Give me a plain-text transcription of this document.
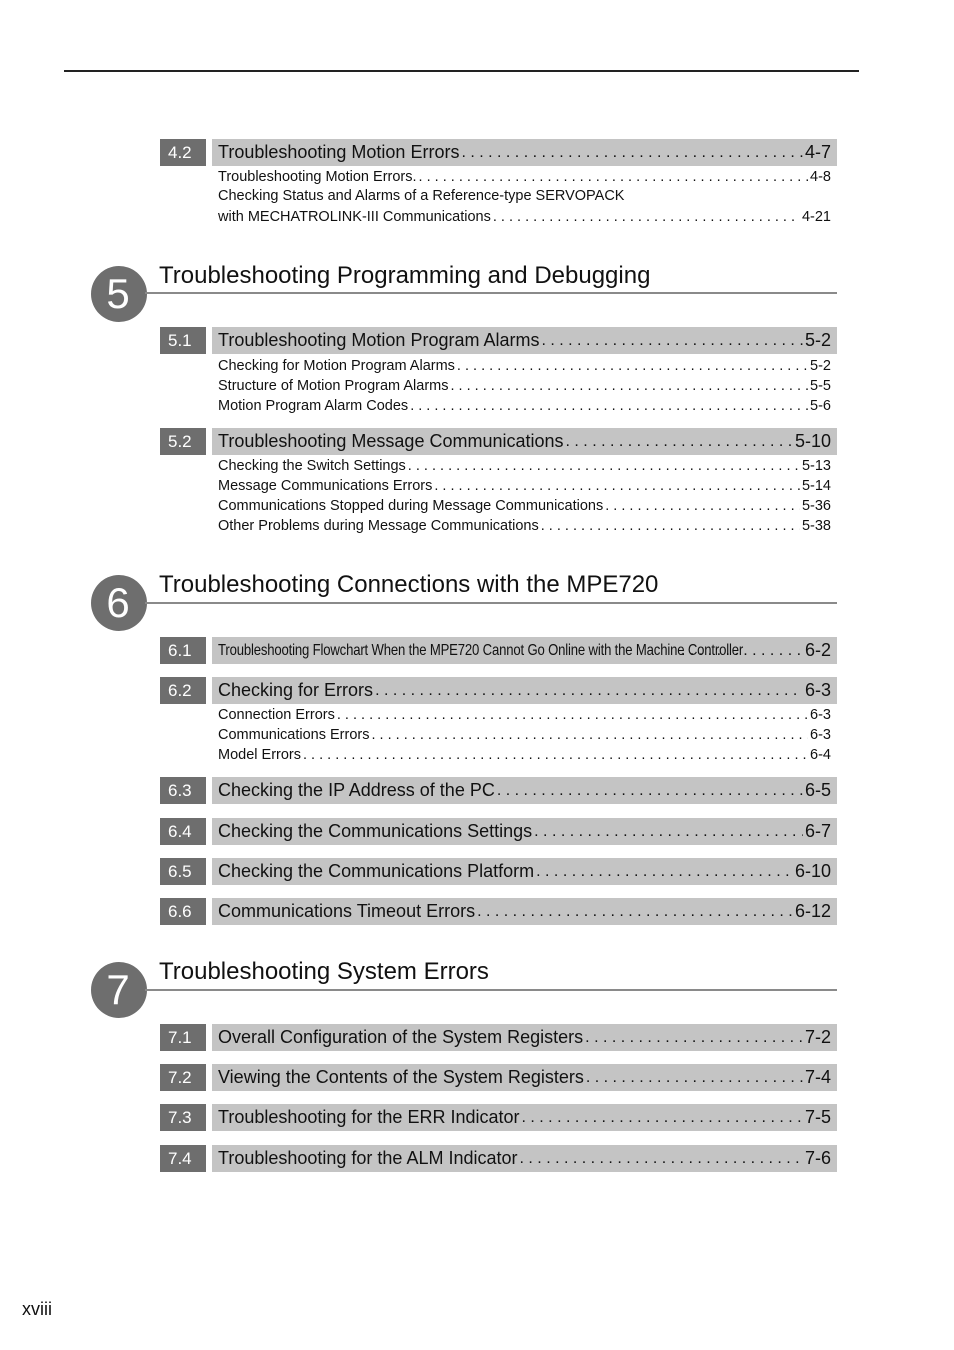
4.2	Troubleshooting Motion Errors . . .	4-7
Troubleshooting Motion Errors. . . .	4-8
Checking Status and Alarms of a Reference-type SERVOPACK
with MECHATROLINK-III Communications . . .	4-21
5	Troubleshooting Programming and Debugging
5.1	Troubleshooting Motion Program Alarms . . .	5-2
Checking for Motion Program Alarms . . .	5-2
Structure of Motion Program Alarms . . .	5-5
Motion Program Alarm Codes . . .	5-6
5.2	Troubleshooting Message Communications . . .	5-10
Checking the Switch Settings . . .	5-13
Message Communications Errors . . .	5-14
Communications Stopped during Message Communications . . .	5-36
Other Problems during Message Communications . . .	5-38
6	Troubleshooting Connections with the MPE720
6.1	Troubleshooting Flowchart When the MPE720 Cannot Go Online with the Machine Controller . . .	6-2
6.2	Checking for Errors . . .	6-3
Connection Errors . . .	6-3
Communications Errors . . .	6-3
Model Errors . . .	6-4
6.3	Checking the IP Address of the PC . . .	6-5
6.4	Checking the Communications Settings . . .	6-7
6.5	Checking the Communications Platform . . .	6-10
6.6	Communications Timeout Errors . . .	6-12
7	Troubleshooting System Errors
7.1	Overall Configuration of the System Registers . . .	7-2
7.2	Viewing the Contents of the System Registers . . .	7-4
7.3	Troubleshooting for the ERR Indicator . . .	7-5
7.4	Troubleshooting for the ALM Indicator . . .	7-6
xviii
